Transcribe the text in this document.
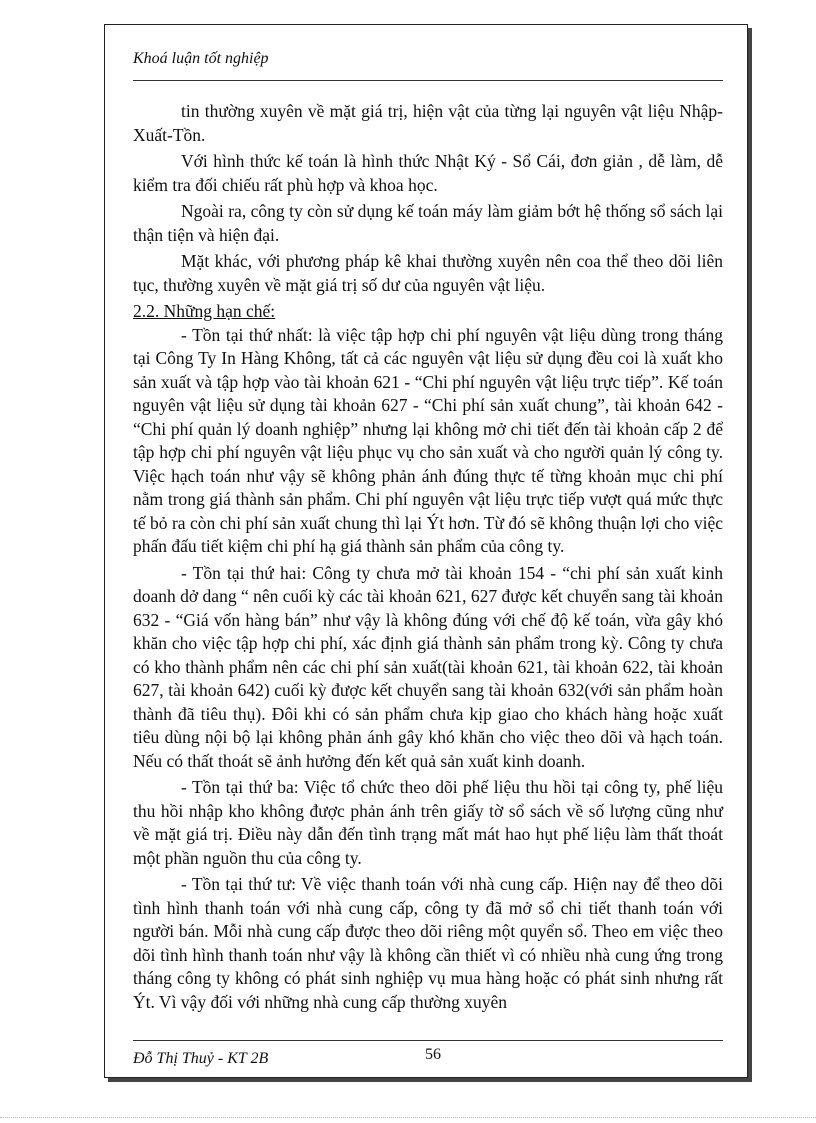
Khoá luận tốt nghiệp

tin thường xuyên về mặt giá trị, hiện vật của từng lại nguyên vật liệu Nhập-Xuất-Tồn.

Với hình thức kế toán là hình thức Nhật Ký - Sổ Cái, đơn giản , dễ làm, dễ kiểm tra đối chiếu rất phù hợp và khoa học.

Ngoài ra, công ty còn sử dụng kế toán máy làm giảm bớt hệ thống sổ sách lại thận tiện và hiện đại.

Mặt khác, với phương pháp kê khai thường xuyên nên coa thể theo dõi liên tục, thường xuyên về mặt giá trị số dư của nguyên vật liệu.

2.2. Những hạn chế:

- Tồn tại thứ nhất: là việc tập hợp chi phí nguyên vật liệu dùng trong tháng tại Công Ty In Hàng Không, tất cả các nguyên vật liệu sử dụng đều coi là xuất kho sản xuất và tập hợp vào tài khoản 621 - “Chi phí nguyên vật liệu trực tiếp”. Kế toán nguyên vật liệu sử dụng tài khoản 627 - “Chi phí sản xuất chung”, tài khoản 642 - “Chi phí quản lý doanh nghiệp” nhưng lại không mở chi tiết đến tài khoản cấp 2 để tập hợp chi phí nguyên vật liệu phục vụ cho sản xuất và cho người quản lý công ty. Việc hạch toán như vậy sẽ không phản ánh đúng thực tế từng khoản mục chi phí nằm trong giá thành sản phẩm. Chi phí nguyên vật liệu trực tiếp vượt quá mức thực tế bỏ ra còn chi phí sản xuất chung thì lại Ýt hơn. Từ đó sẽ không thuận lợi cho việc phấn đấu tiết kiệm chi phí hạ giá thành sản phẩm của công ty.

- Tồn tại thứ hai: Công ty chưa mở tài khoản 154 - “chi phí sản xuất kinh doanh dở dang “ nên cuối kỳ các tài khoản 621, 627 được kết chuyển sang tài khoản 632 - “Giá vốn hàng bán” như vậy là không đúng với chế độ kế toán, vừa gây khó khăn cho việc tập hợp chi phí, xác định giá thành sản phẩm trong kỳ. Công ty chưa có kho thành phẩm nên các chi phí sản xuất(tài khoản 621, tài khoản 622, tài khoản 627, tài khoản 642) cuối kỳ được kết chuyển sang tài khoản 632(với sản phẩm hoàn thành đã tiêu thụ). Đôi khi có sản phẩm chưa kịp giao cho khách hàng hoặc xuất tiêu dùng nội bộ lại không phản ánh gây khó khăn cho việc theo dõi và hạch toán. Nếu có thất thoát sẽ ảnh hưởng đến kết quả sản xuất kinh doanh.

- Tồn tại thứ ba: Việc tổ chức theo dõi phế liệu thu hồi tại công ty, phế liệu thu hồi nhập kho không được phản ánh trên giấy tờ sổ sách về số lượng cũng như về mặt giá trị. Điều này dẫn đến tình trạng mất mát hao hụt phế liệu làm thất thoát một phần nguồn thu của công ty.

- Tồn tại thứ tư: Về việc thanh toán với nhà cung cấp. Hiện nay để theo dõi tình hình thanh toán với nhà cung cấp, công ty đã mở sổ chi tiết thanh toán với người bán. Mỗi nhà cung cấp được theo dõi riêng một quyển sổ. Theo em việc theo dõi tình hình thanh toán như vậy là không cần thiết vì có nhiều nhà cung ứng trong tháng công ty không có phát sinh nghiệp vụ mua hàng hoặc có phát sinh nhưng rất Ýt. Vì vậy đối với những nhà cung cấp thường xuyên

Đỗ Thị Thuỷ - KT 2B	56
